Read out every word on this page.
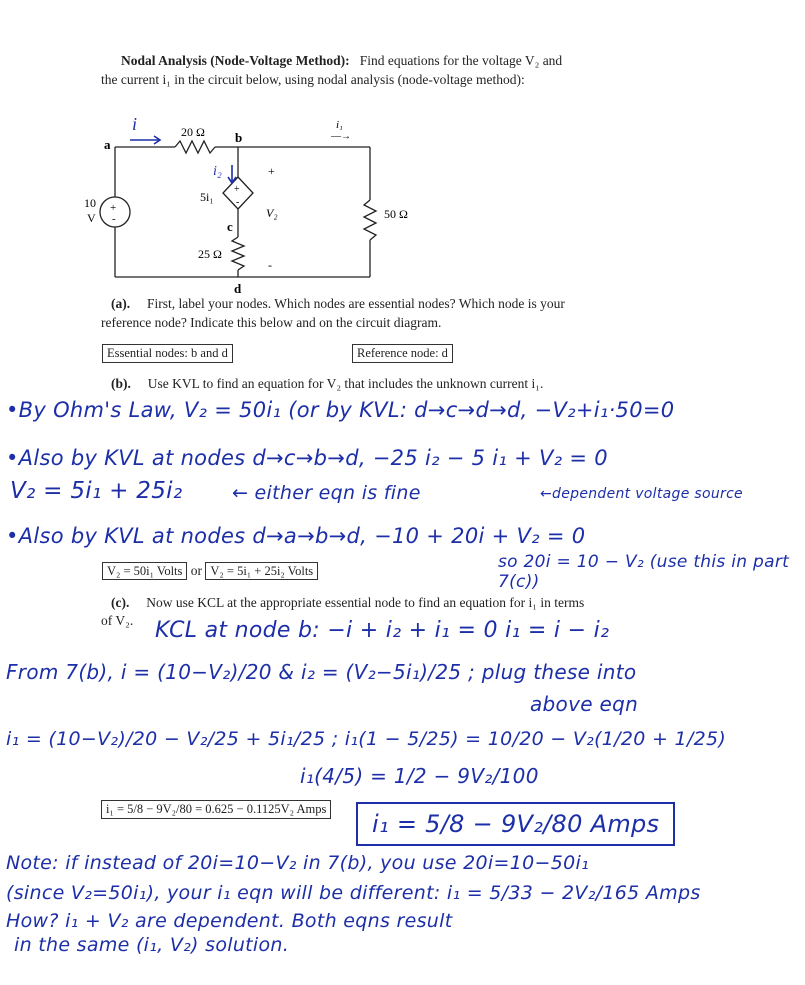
Nodal Analysis (Node-Voltage Method): Find equations for the voltage V₂ and
the current i₁ in the circuit below, using nodal analysis (node-voltage method):
a	b
c
d
20 Ω
25 Ω
50 Ω
10
V
+
-
+
-
5i₁
V₂
+
-
i₁
—→
i
i₂
(a). First, label your nodes. Which nodes are essential nodes? Which node is your
reference node? Indicate this below and on the circuit diagram.
Essential nodes: b and d	Reference node: d
(b). Use KVL to find an equation for V₂ that includes the unknown current i₁.
•By Ohm's Law, V₂ = 50i₁ (or by KVL: d→c→d→d, −V₂+i₁·50=0
•Also by KVL at nodes d→c→b→d, −25 i₂ − 5 i₁ + V₂ = 0
V₂ = 5i₁ + 25i₂	← either eqn is fine	←dependent voltage source
•Also by KVL at nodes d→a→b→d, −10 + 20i + V₂ = 0
so 20i = 10 − V₂ (use this in part 7(c))
V₂ = 50i₁ Volts or V₂ = 5i₁ + 25i₂ Volts
(c). Now use KCL at the appropriate essential node to find an equation for i₁ in terms
of V₂. KCL at node b: −i + i₂ + i₁ = 0 i₁ = i − i₂
From 7(b), i = (10−V₂)/20 & i₂ = (V₂−5i₁)/25 ; plug these into
above eqn
i₁ = (10−V₂)/20 − V₂/25 + 5i₁/25 ; i₁(1 − 5/25) = 10/20 − V₂(1/20 + 1/25)
i₁(4/5) = 1/2 − 9V₂/100
i₁ = 5/8 − 9V₂/80 = 0.625 − 0.1125V₂ Amps
i₁ = 5/8 − 9V₂/80 Amps
Note: if instead of 20i=10−V₂ in 7(b), you use 20i=10−50i₁
(since V₂=50i₁), your i₁ eqn will be different: i₁ = 5/33 − 2V₂/165 Amps
How? i₁ + V₂ are dependent. Both eqns result
in the same (i₁, V₂) solution.
